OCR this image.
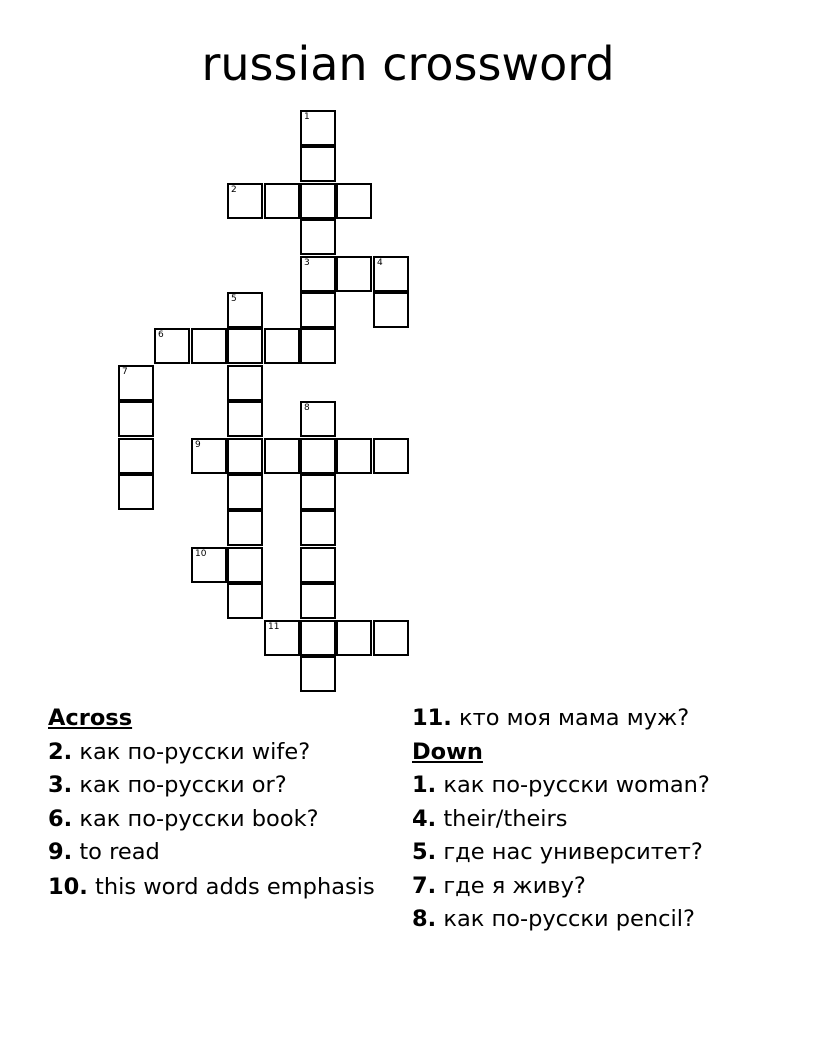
russian crossword
1
2
3	4
5
6
7
8
9
10
11
Across
2. как по-русски wife?
3. как по-русски or?
6. как по-русски book?
9. to read
10. this word adds emphasis
11. кто моя мама муж?
Down
1. как по-русски woman?
4. their/theirs
5. где нас университет?
7. где я живу?
8. как по-русски pencil?
